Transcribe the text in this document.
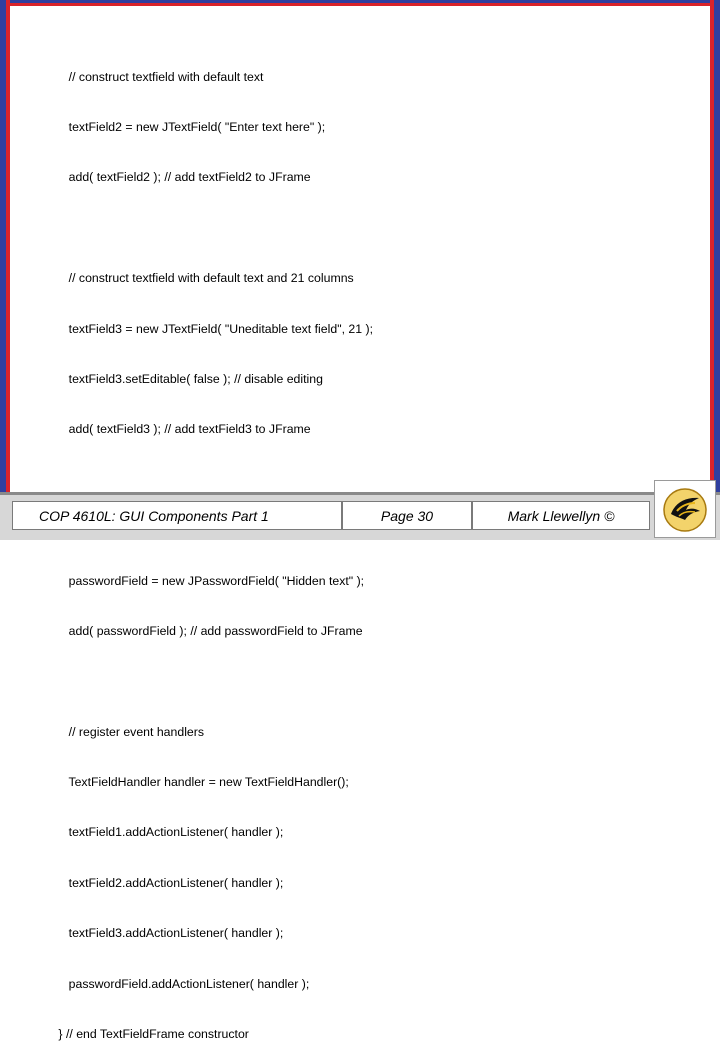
// construct textfield with default text

textField2 = new JTextField( "Enter text here" );

add( textField2 ); // add textField2 to JFrame

// construct textfield with default text and 21 columns

textField3 = new JTextField( "Uneditable text field", 21 );

textField3.setEditable( false ); // disable editing

add( textField3 ); // add textField3 to JFrame

passwordField = new JPasswordField( "Hidden text" );

add( passwordField ); // add passwordField to JFrame

// register event handlers

TextFieldHandler handler = new TextFieldHandler();

textField1.addActionListener( handler );

textField2.addActionListener( handler );

textField3.addActionListener( handler );

passwordField.addActionListener( handler );

} // end TextFieldFrame constructor

COP 4610L: GUI Components Part 1	Page 30	Mark Llewellyn ©
